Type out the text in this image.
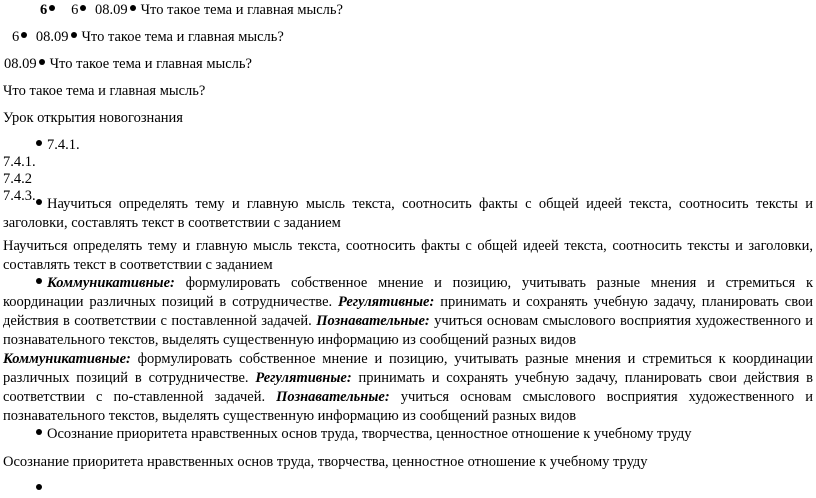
6 6 08.09 Что такое тема и главная мысль?
6 08.09 Что такое тема и главная мысль?
08.09 Что такое тема и главная мысль?
Что такое тема и главная мысль?
Урок открытия новогознания
7.4.1.
7.4.1.
7.4.2
7.4.3. Научиться определять тему и главную мысль текста, соотносить факты с общей идеей текста, соотносить тексты и заголовки, составлять текст в соответствии с заданием
Научиться определять тему и главную мысль текста, соотносить факты с общей идеей текста, соотносить тексты и заголовки, составлять текст в соответствии с заданием
Коммуникативные: формулировать собственное мнение и позицию, учитывать разные мнения и стремиться к координации различных позиций в сотрудничестве. Регулятивные: принимать и сохранять учебную задачу, планировать свои действия в соответствии с поставленной задачей. Познавательные: учиться основам смыслового восприятия художественного и познавательного текстов, выделять существенную информацию из сообщений разных видов
Коммуникативные: формулировать собственное мнение и позицию, учитывать разные мнения и стремиться к координации различных позиций в сотрудничестве. Регулятивные: принимать и сохранять учебную задачу, планировать свои действия в соответствии с по-ставленной задачей. Познавательные: учиться основам смыслового восприятия художественного и познавательного текстов, выделять существенную информацию из сообщений разных видов
Осознание приоритета нравственных основ труда, творчества, ценностное отношение к учебному труду
Осознание приоритета нравственных основ труда, творчества, ценностное отношение к учебному труду
